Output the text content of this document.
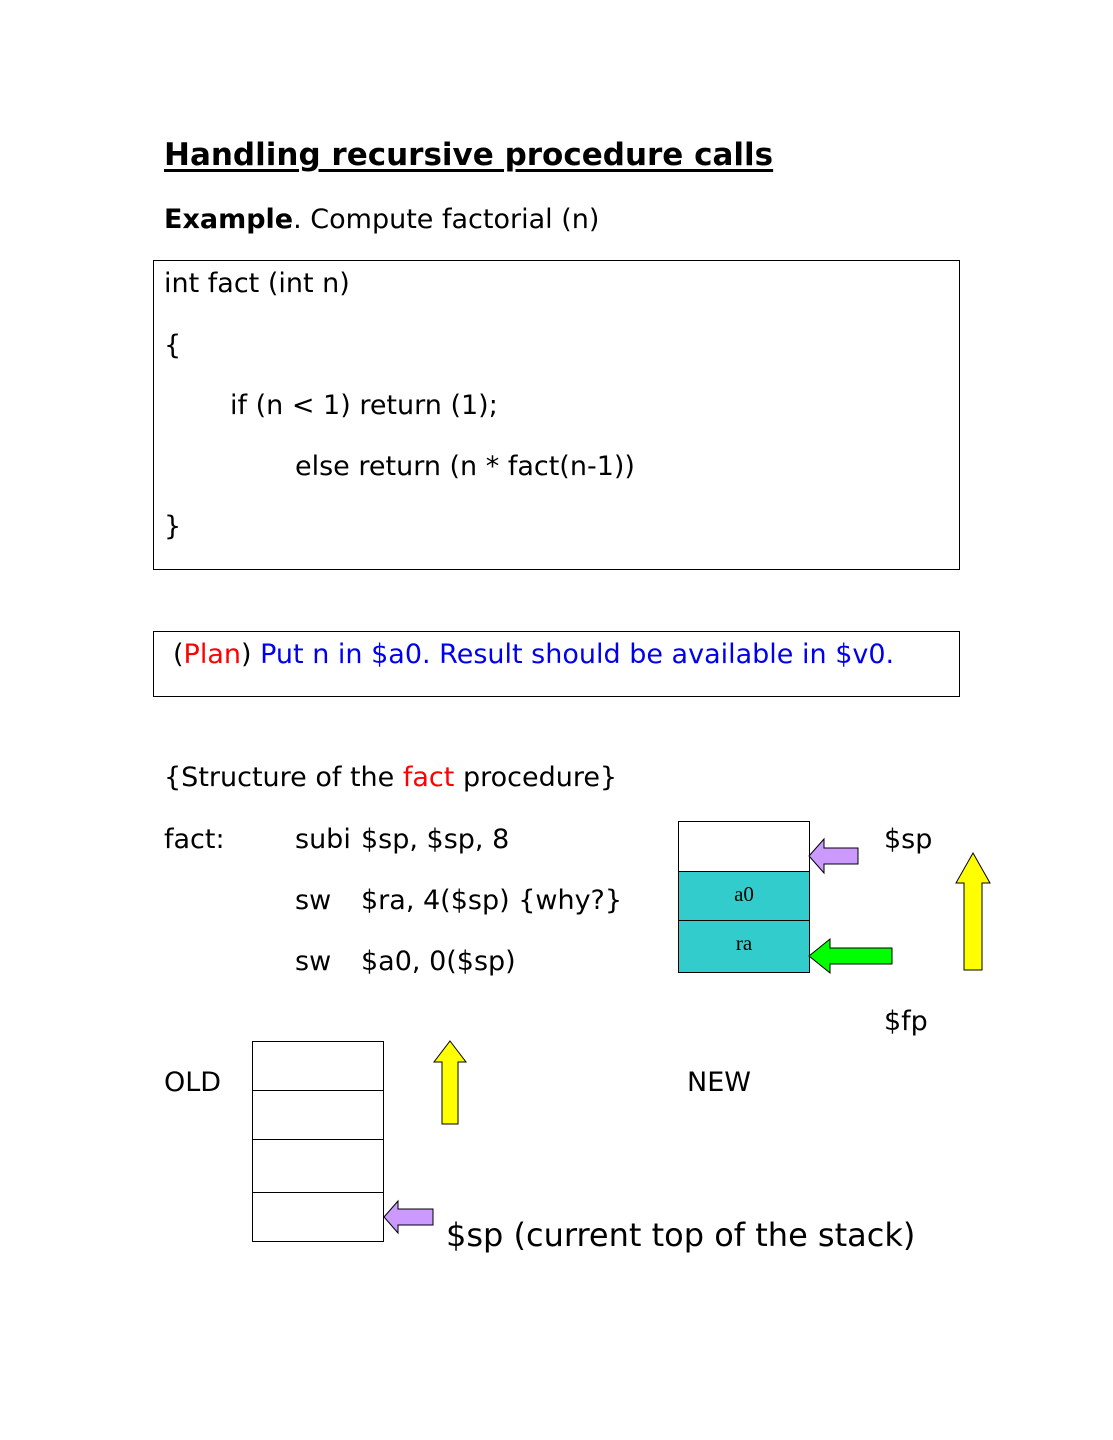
Handling recursive procedure calls
Example. Compute factorial (n)
int fact (int n)
{
if (n < 1) return (1);
else return (n * fact(n-1))
}
(Plan) Put n in $a0. Result should be available in $v0.
{Structure of the fact procedure}
fact:	subi $sp, $sp, 8
sw $ra, 4($sp) {why?}
sw $a0, 0($sp)
a0
ra
$sp
$fp
NEW
OLD
$sp (current top of the stack)
